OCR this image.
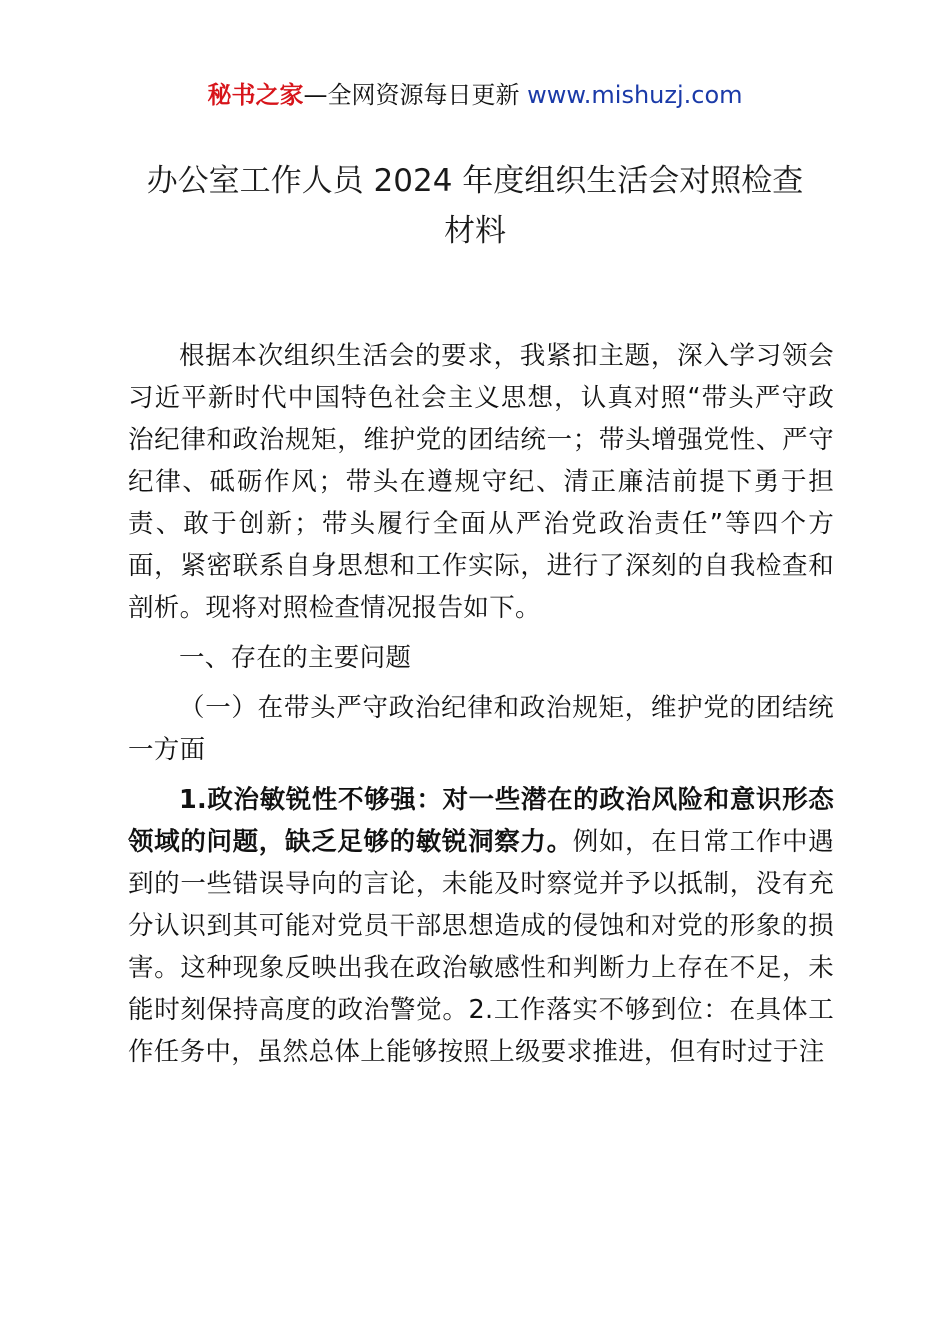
秘书之家—全网资源每日更新 www.mishuzj.com
办公室工作人员 2024 年度组织生活会对照检查
材料

根据本次组织生活会的要求，我紧扣主题，深入学习领会习近平新时代中国特色社会主义思想，认真对照“带头严守政治纪律和政治规矩，维护党的团结统一；带头增强党性、严守纪律、砥砺作风；带头在遵规守纪、清正廉洁前提下勇于担责、敢于创新；带头履行全面从严治党政治责任”等四个方面，紧密联系自身思想和工作实际，进行了深刻的自我检查和剖析。现将对照检查情况报告如下。

一、存在的主要问题

（一）在带头严守政治纪律和政治规矩，维护党的团结统一方面

1.政治敏锐性不够强：对一些潜在的政治风险和意识形态领域的问题，缺乏足够的敏锐洞察力。例如，在日常工作中遇到的一些错误导向的言论，未能及时察觉并予以抵制，没有充分认识到其可能对党员干部思想造成的侵蚀和对党的形象的损害。这种现象反映出我在政治敏感性和判断力上存在不足，未能时刻保持高度的政治警觉。2.工作落实不够到位：在具体工作任务中，虽然总体上能够按照上级要求推进，但有时过于注
